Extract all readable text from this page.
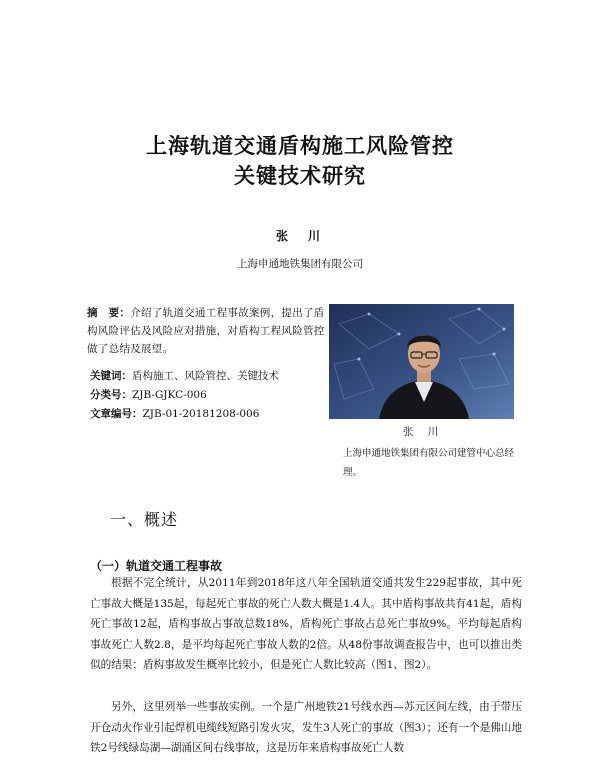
上海轨道交通盾构施工风险管控
关键技术研究
张　川
上海申通地铁集团有限公司
摘　要：介绍了轨道交通工程事故案例，提出了盾构风险评估及风险应对措施，对盾构工程风险管控做了总结及展望。
关键词：盾构施工、风险管控、关键技术
分类号：ZJB-GJKC-006
文章编号：ZJB-01-20181208-006
张　川
上海申通地铁集团有限公司建管中心总经理。
一、概述
（一）轨道交通工程事故

根据不完全统计，从2011年到2018年这八年全国轨道交通共发生229起事故，其中死亡事故大概是135起，每起死亡事故的死亡人数大概是1.4人。其中盾构事故共有41起，盾构死亡事故12起，盾构事故占事故总数18%，盾构死亡事故占总死亡事故9%。平均每起盾构事故死亡人数2.8，是平均每起死亡事故人数的2倍。从48份事故调查报告中，也可以推出类似的结果：盾构事故发生概率比较小，但是死亡人数比较高（图1、图2）。

另外，这里列举一些事故实例。一个是广州地铁21号线水西—苏元区间左线，由于带压开仓动火作业引起焊机电缆线短路引发火灾，发生3人死亡的事故（图3）；还有一个是佛山地铁2号线绿岛湖—湖涌区间右线事故，这是历年来盾构事故死亡人数
